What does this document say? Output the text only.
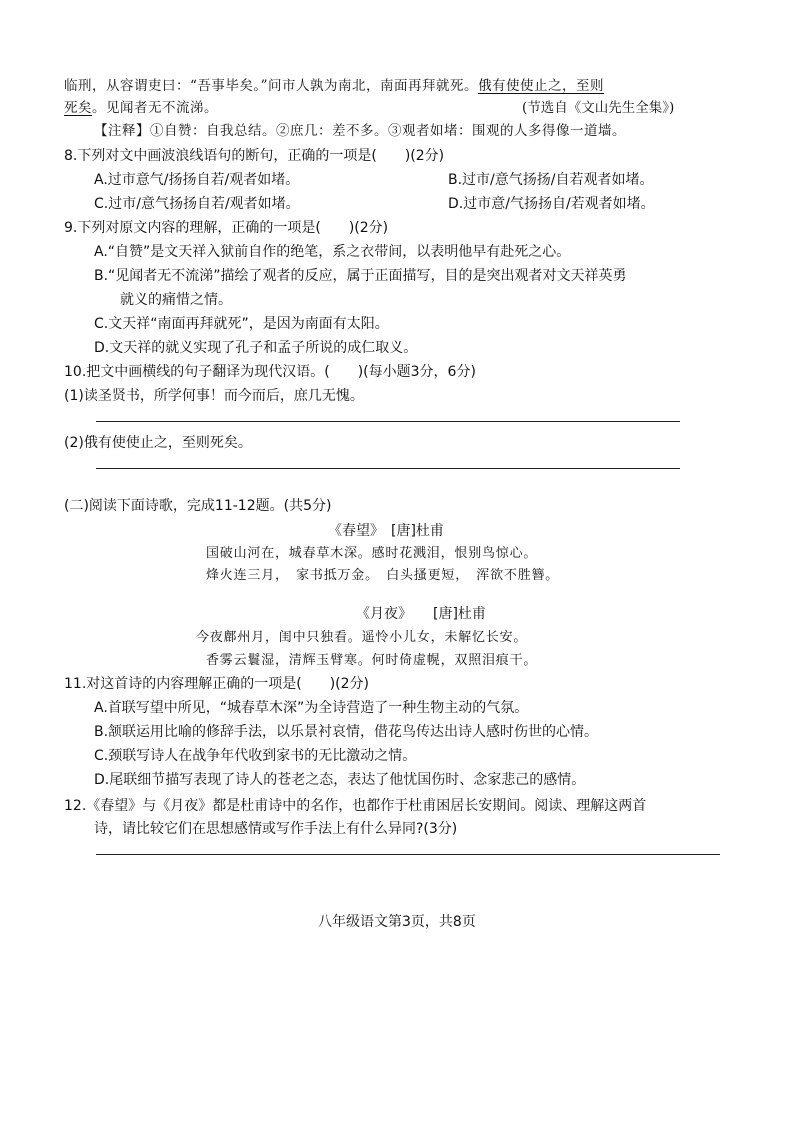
临刑，从容谓吏曰：“吾事毕矣。”问市人孰为南北，南面再拜就死。俄有使使止之，至则
死矣。见闻者无不流涕。	(节选自《文山先生全集》)
【注释】①自赞：自我总结。②庶几：差不多。③观者如堵：围观的人多得像一道墙。
8.下列对文中画波浪线语句的断句，正确的一项是(　　)(2分)
A.过市意气/扬扬自若/观者如堵。	B.过市/意气扬扬/自若观者如堵。
C.过市/意气扬扬自若/观者如堵。	D.过市意/气扬扬自/若观者如堵。
9.下列对原文内容的理解，正确的一项是(　　)(2分)
A.“自赞”是文天祥入狱前自作的绝笔，系之衣带间，以表明他早有赴死之心。
B.“见闻者无不流涕”描绘了观者的反应，属于正面描写，目的是突出观者对文天祥英勇
就义的痛惜之情。
C.文天祥“南面再拜就死”，是因为南面有太阳。
D.文天祥的就义实现了孔子和孟子所说的成仁取义。
10.把文中画横线的句子翻译为现代汉语。(　　)(每小题3分，6分)
(1)读圣贤书，所学何事！而今而后，庶几无愧。
(2)俄有使使止之，至则死矣。
(二)阅读下面诗歌，完成11-12题。(共5分)
《春望》　[唐]杜甫
国破山河在，城春草木深。感时花溅泪，恨别鸟惊心。
烽火连三月，　家书抵万金。　白头搔更短，　浑欲不胜簪。
《月夜》　　[唐]杜甫
今夜鄜州月，闺中只独看。遥怜小儿女，未解忆长安。
香雾云鬟湿，清辉玉臂寒。何时倚虚幌，双照泪痕干。
11.对这首诗的内容理解正确的一项是(　　)(2分)
A.首联写望中所见，“城春草木深”为全诗营造了一种生物主动的气氛。
B.颔联运用比喻的修辞手法，以乐景衬哀情，借花鸟传达出诗人感时伤世的心情。
C.颈联写诗人在战争年代收到家书的无比激动之情。
D.尾联细节描写表现了诗人的苍老之态，表达了他忧国伤时、念家悲己的感情。
12.《春望》与《月夜》都是杜甫诗中的名作，也都作于杜甫困居长安期间。阅读、理解这两首
诗，请比较它们在思想感情或写作手法上有什么异同?(3分)
八年级语文第3页，共8页
